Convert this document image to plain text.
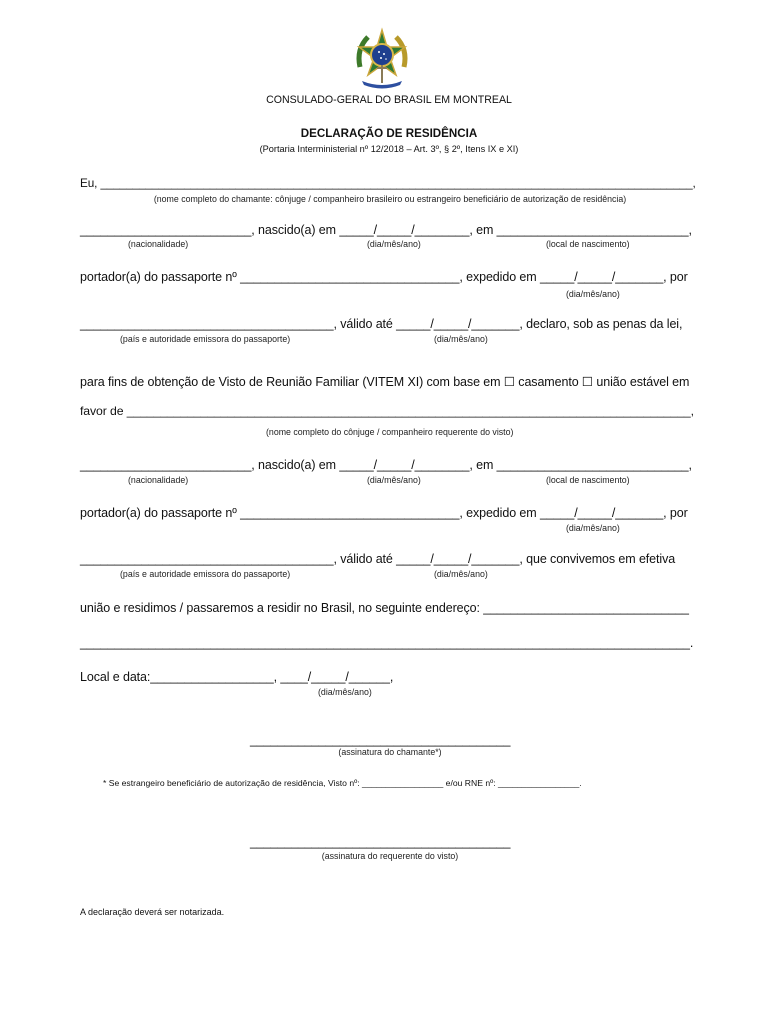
CONSULADO-GERAL DO BRASIL EM MONTREAL
DECLARAÇÃO DE RESIDÊNCIA
(Portaria Interministerial nº 12/2018 – Art. 3º, § 2º, Itens IX e XI)
Eu, ____________________________________________________________________________________________,
(nome completo do chamante: cônjuge / companheiro brasileiro ou estrangeiro beneficiário de autorização de residência)
_________________________, nascido(a) em _____/_____/________, em ____________________________,
(nacionalidade)	(dia/mês/ano)	(local de nascimento)
portador(a) do passaporte nº ________________________________, expedido em _____/_____/_______, por
(dia/mês/ano)
_____________________________________, válido até _____/_____/_______, declaro, sob as penas da lei,
(país e autoridade emissora do passaporte)	(dia/mês/ano)
para fins de obtenção de Visto de Reunião Familiar (VITEM XI) com base em ☐ casamento ☐ união estável em
favor de ____________________________________________________________________________________,
(nome completo do cônjuge / companheiro requerente do visto)
_________________________, nascido(a) em _____/_____/________, em ____________________________,
(nacionalidade)	(dia/mês/ano)	(local de nascimento)
portador(a) do passaporte nº ________________________________, expedido em _____/_____/_______, por
(dia/mês/ano)
_____________________________________, válido até _____/_____/_______, que convivemos em efetiva
(país e autoridade emissora do passaporte)	(dia/mês/ano)
união e residimos / passaremos a residir no Brasil, no seguinte endereço: ______________________________
_________________________________________________________________________________________.
Local e data:__________________, ____/_____/______,
(dia/mês/ano)
______________________________________
(assinatura do chamante*)
* Se estrangeiro beneficiário de autorização de residência, Visto nº: _________________ e/ou RNE nº: _________________.
______________________________________
(assinatura do requerente do visto)
A declaração deverá ser notarizada.
